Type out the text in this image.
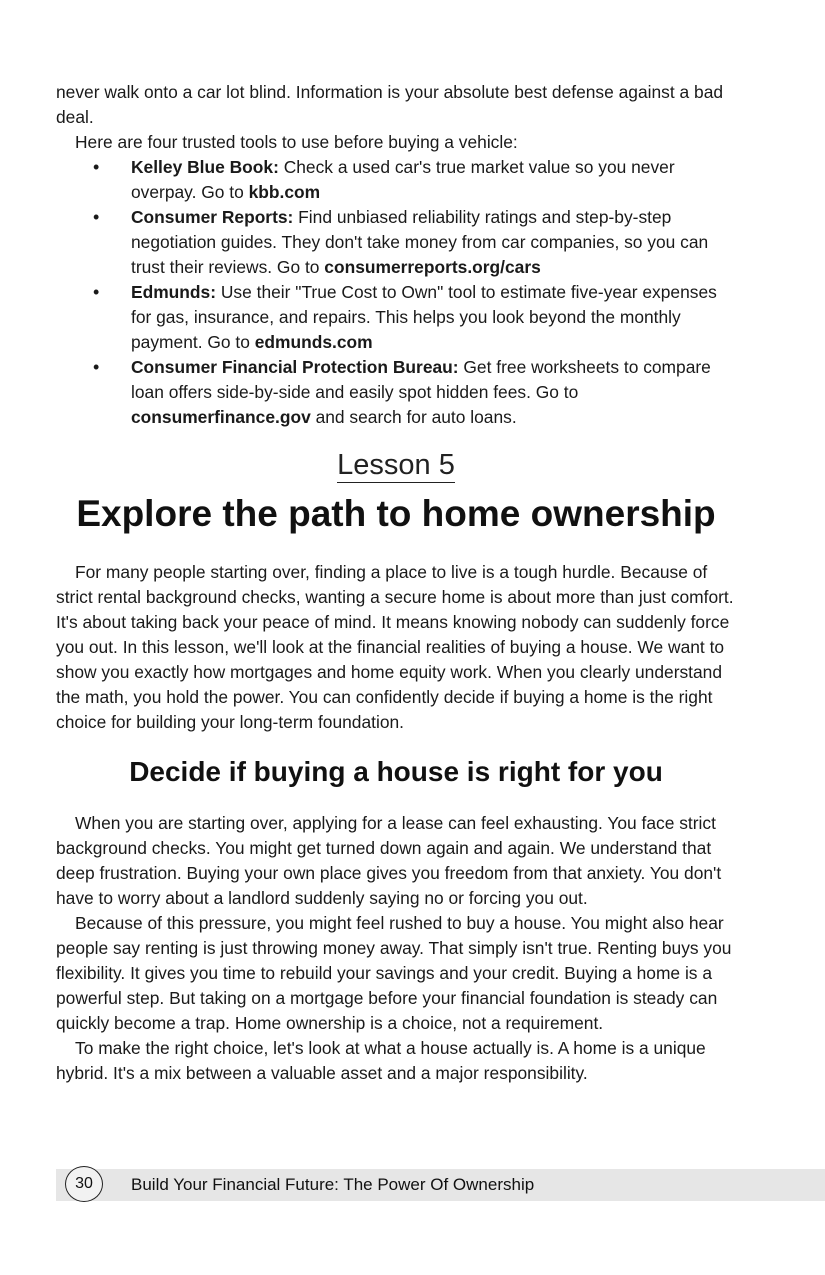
never walk onto a car lot blind. Information is your absolute best defense against a bad deal.

Here are four trusted tools to use before buying a vehicle:

• Kelley Blue Book: Check a used car's true market value so you never overpay. Go to kbb.com
• Consumer Reports: Find unbiased reliability ratings and step-by-step negotiation guides. They don't take money from car companies, so you can trust their reviews. Go to consumerreports.org/cars
• Edmunds: Use their "True Cost to Own" tool to estimate five-year expenses for gas, insurance, and repairs. This helps you look beyond the monthly payment. Go to edmunds.com
• Consumer Financial Protection Bureau: Get free worksheets to compare loan offers side-by-side and easily spot hidden fees. Go to consumerfinance.gov and search for auto loans.
Lesson 5
Explore the path to home ownership

For many people starting over, finding a place to live is a tough hurdle. Because of strict rental background checks, wanting a secure home is about more than just comfort. It's about taking back your peace of mind. It means knowing nobody can suddenly force you out. In this lesson, we'll look at the financial realities of buying a house. We want to show you exactly how mortgages and home equity work. When you clearly understand the math, you hold the power. You can confidently decide if buying a home is the right choice for building your long-term foundation.

Decide if buying a house is right for you

When you are starting over, applying for a lease can feel exhausting. You face strict background checks. You might get turned down again and again. We understand that deep frustration. Buying your own place gives you freedom from that anxiety. You don't have to worry about a landlord suddenly saying no or forcing you out.

Because of this pressure, you might feel rushed to buy a house. You might also hear people say renting is just throwing money away. That simply isn't true. Renting buys you flexibility. It gives you time to rebuild your savings and your credit. Buying a home is a powerful step. But taking on a mortgage before your financial foundation is steady can quickly become a trap. Home ownership is a choice, not a requirement.

To make the right choice, let's look at what a house actually is. A home is a unique hybrid. It's a mix between a valuable asset and a major responsibility.

30	Build Your Financial Future: The Power Of Ownership
